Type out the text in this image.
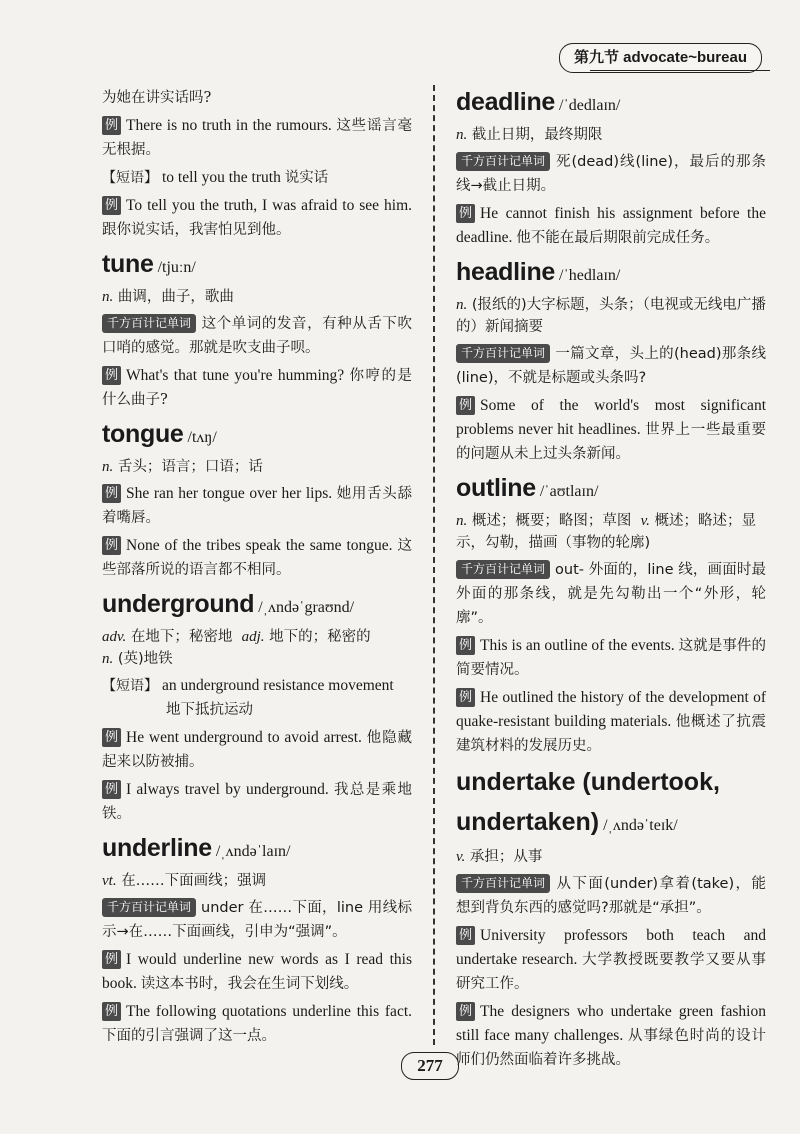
第九节 advocate~bureau

为她在讲实话吗?

例 There is no truth in the rumours. 这些谣言毫无根据。

【短语】 to tell you the truth 说实话

例 To tell you the truth, I was afraid to see him. 跟你说实话，我害怕见到他。

tune /tjuːn/

n. 曲调，曲子，歌曲

千方百计记单词 这个单词的发音，有种从舌下吹口哨的感觉。那就是吹支曲子呗。

例 What's that tune you're humming? 你哼的是什么曲子?

tongue /tʌŋ/

n. 舌头；语言；口语；话

例 She ran her tongue over her lips. 她用舌头舔着嘴唇。

例 None of the tribes speak the same tongue. 这些部落所说的语言都不相同。

underground /ˌʌndəˈgraʊnd/

adv. 在地下；秘密地 adj. 地下的；秘密的
n. (英)地铁

【短语】 an underground resistance movement

地下抵抗运动

例 He went underground to avoid arrest. 他隐藏起来以防被捕。

例 I always travel by underground. 我总是乘地铁。

underline /ˌʌndəˈlaɪn/

vt. 在……下面画线；强调

千方百计记单词 under 在……下面，line 用线标示→在……下面画线，引申为“强调”。

例 I would underline new words as I read this book. 读这本书时，我会在生词下划线。

例 The following quotations underline this fact. 下面的引言强调了这一点。

deadline /ˈdedlaɪn/

n. 截止日期，最终期限

千方百计记单词 死(dead)线(line)，最后的那条线→截止日期。

例 He cannot finish his assignment before the deadline. 他不能在最后期限前完成任务。

headline /ˈhedlaɪn/

n. (报纸的)大字标题，头条；（电视或无线电广播的）新闻摘要

千方百计记单词 一篇文章，头上的(head)那条线(line)，不就是标题或头条吗?

例 Some of the world's most significant problems never hit headlines. 世界上一些最重要的问题从未上过头条新闻。

outline /ˈaʊtlaɪn/

n. 概述；概要；略图；草图 v. 概述；略述；显示，勾勒，描画（事物的轮廓)

千方百计记单词 out- 外面的，line 线，画面时最外面的那条线，就是先勾勒出一个“外形，轮廓”。

例 This is an outline of the events. 这就是事件的简要情况。

例 He outlined the history of the development of quake-resistant building materials. 他概述了抗震建筑材料的发展历史。

undertake (undertook,
undertaken) /ˌʌndəˈteɪk/

v. 承担；从事

千方百计记单词 从下面(under)拿着(take)，能想到背负东西的感觉吗?那就是“承担”。

例 University professors both teach and undertake research. 大学教授既要教学又要从事研究工作。

例 The designers who undertake green fashion still face many challenges. 从事绿色时尚的设计师们仍然面临着许多挑战。

277
